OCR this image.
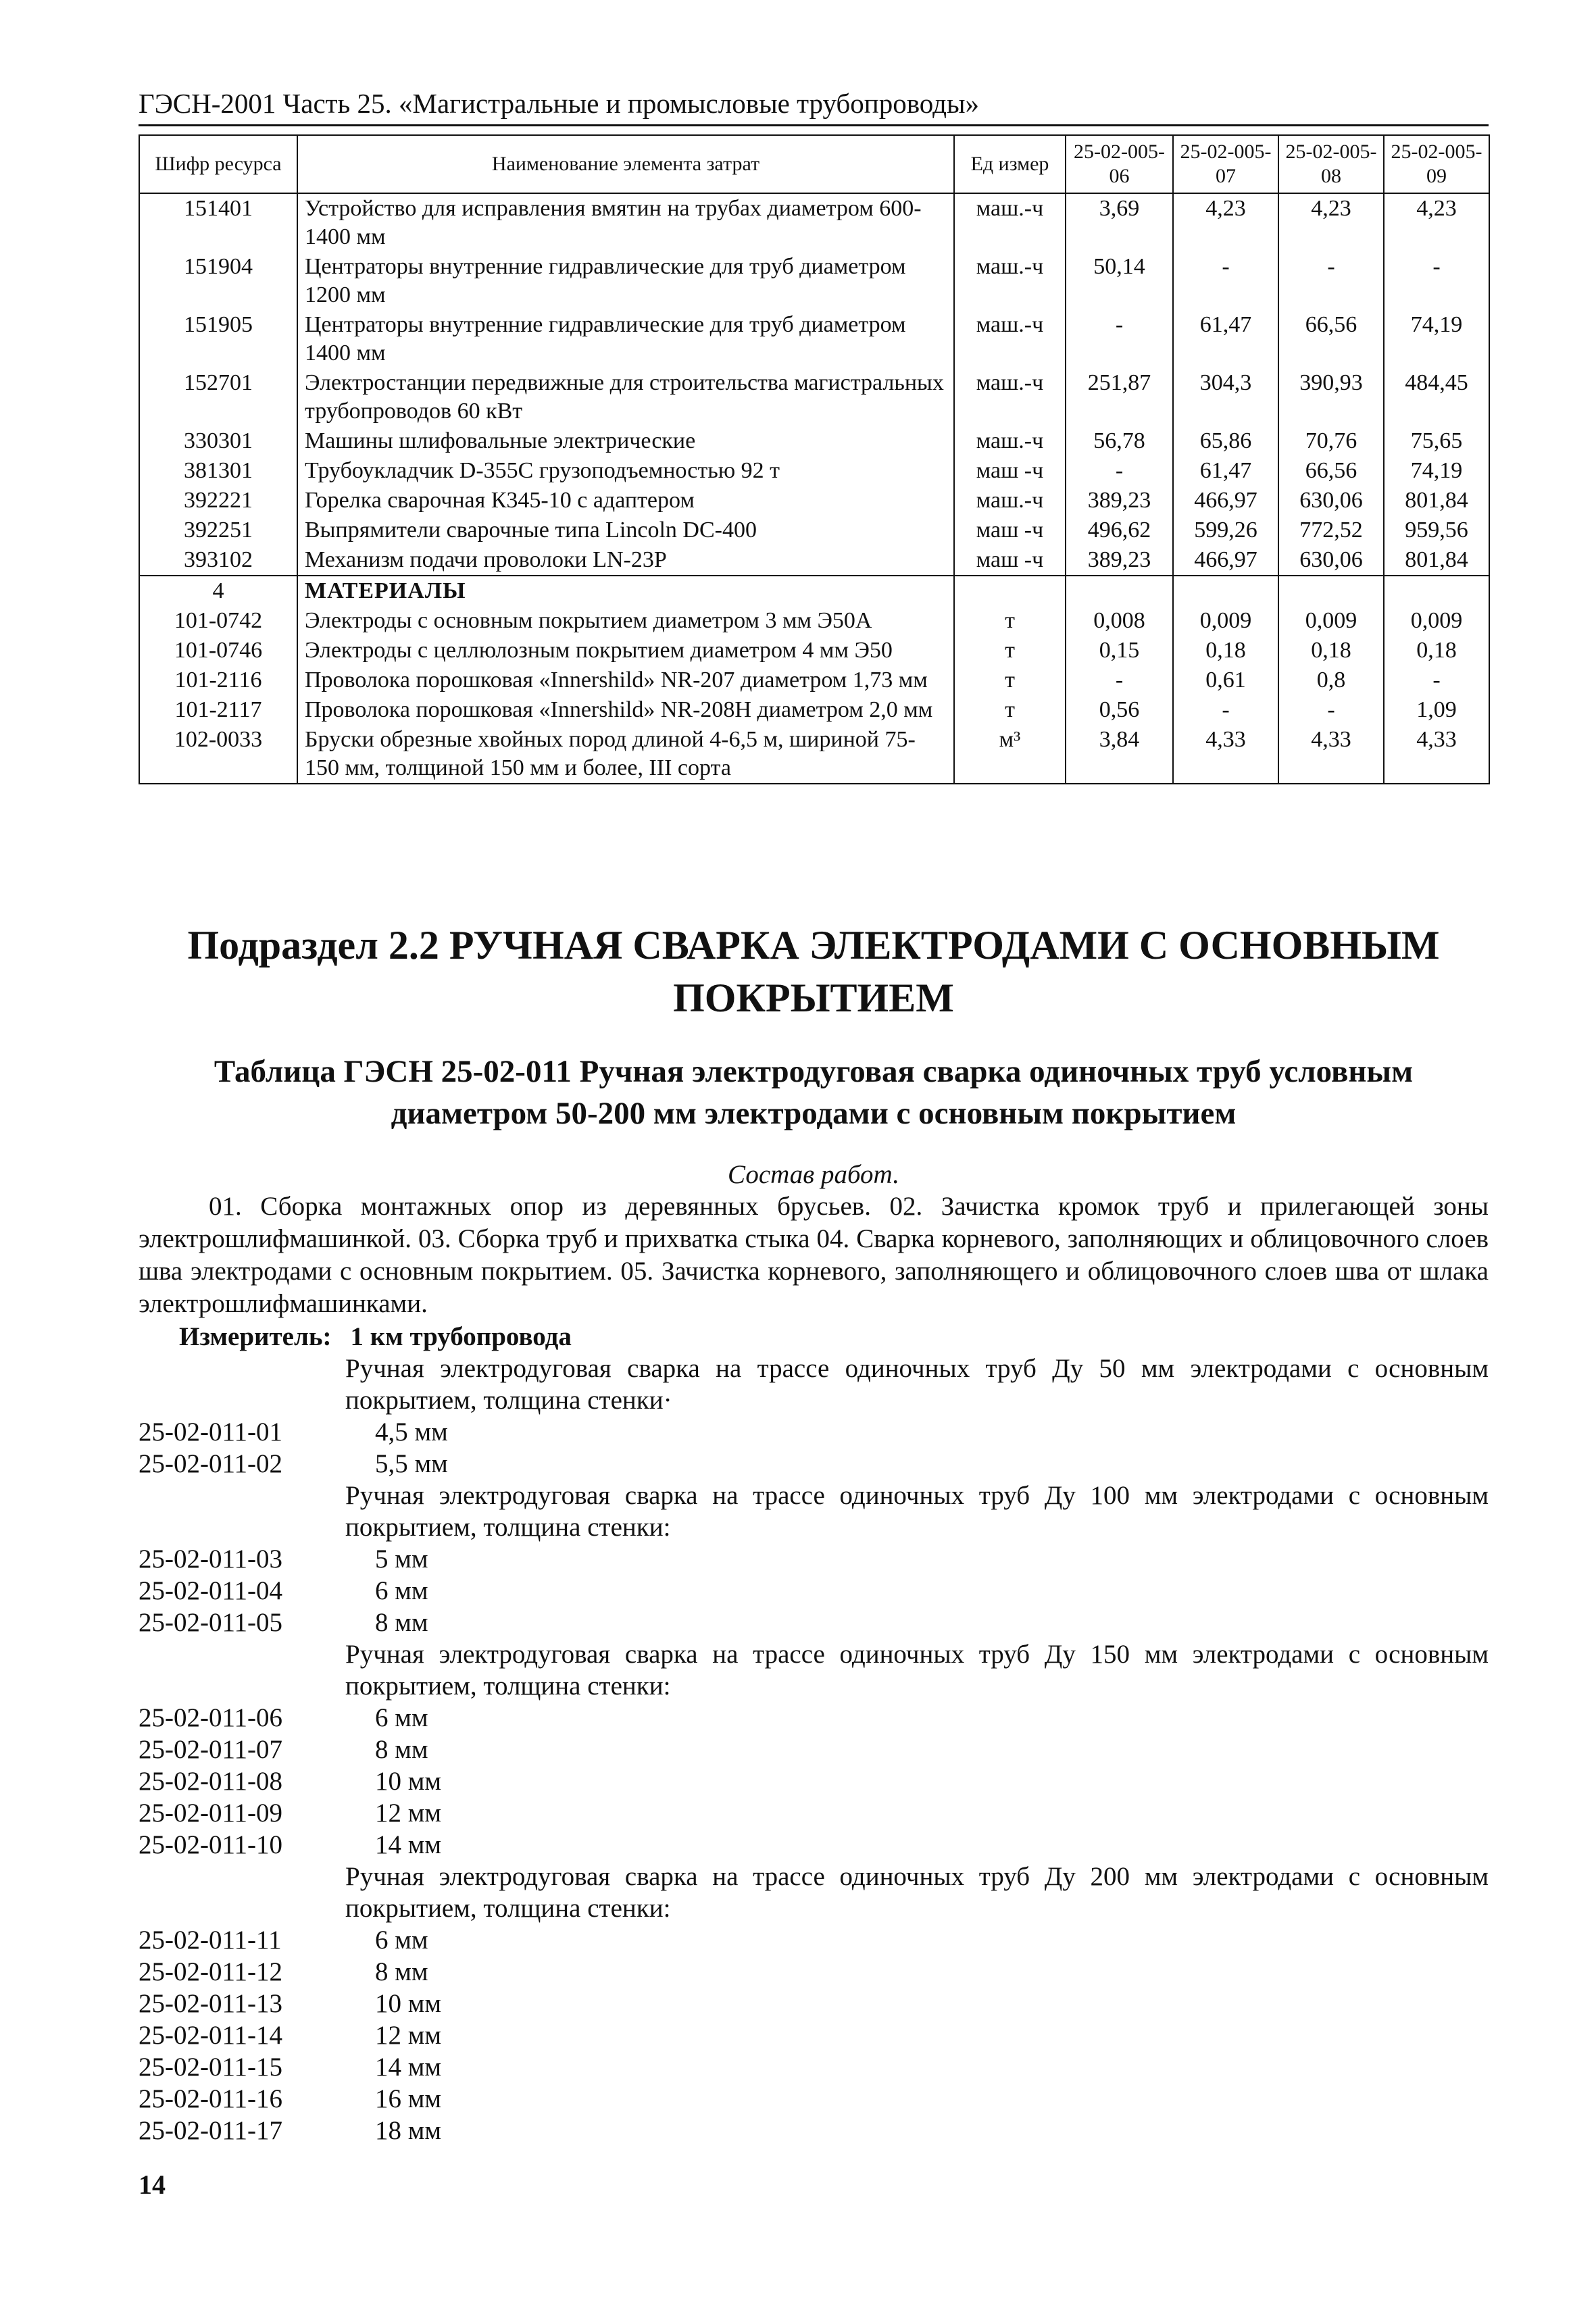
ГЭСН-2001 Часть 25. «Магистральные и промысловые трубопроводы»
Шифр ресурса	Наименование элемента затрат	Ед измер	25-02-005-06	25-02-005-07	25-02-005-08	25-02-005-09
151401	Устройство для исправления вмятин на трубах диаметром 600-1400 мм	маш.-ч	3,69	4,23	4,23	4,23
151904	Центраторы внутренние гидравлические для труб диаметром 1200 мм	маш.-ч	50,14	-	-	-
151905	Центраторы внутренние гидравлические для труб диаметром 1400 мм	маш.-ч	-	61,47	66,56	74,19
152701	Электростанции передвижные для строительства магистральных трубопроводов 60 кВт	маш.-ч	251,87	304,3	390,93	484,45
330301	Машины шлифовальные электрические	маш.-ч	56,78	65,86	70,76	75,65
381301	Трубоукладчик D-355C грузоподъемностью 92 т	маш -ч	-	61,47	66,56	74,19
392221	Горелка сварочная К345-10 с адаптером	маш.-ч	389,23	466,97	630,06	801,84
392251	Выпрямители сварочные типа Lincoln DC-400	маш -ч	496,62	599,26	772,52	959,56
393102	Механизм подачи проволоки LN-23P	маш -ч	389,23	466,97	630,06	801,84
4	МАТЕРИАЛЫ					
101-0742	Электроды с основным покрытием диаметром 3 мм Э50А	т	0,008	0,009	0,009	0,009
101-0746	Электроды с целлюлозным покрытием диаметром 4 мм Э50	т	0,15	0,18	0,18	0,18
101-2116	Проволока порошковая «Innershild» NR-207 диаметром 1,73 мм	т	-	0,61	0,8	-
101-2117	Проволока порошковая «Innershild» NR-208H диаметром 2,0 мм	т	0,56	-	-	1,09
102-0033	Бруски обрезные хвойных пород длиной 4-6,5 м, шириной 75-150 мм, толщиной 150 мм и более, III сорта	м³	3,84	4,33	4,33	4,33
Подраздел 2.2 РУЧНАЯ СВАРКА ЭЛЕКТРОДАМИ С ОСНОВНЫМ ПОКРЫТИЕМ
Таблица ГЭСН 25-02-011 Ручная электродуговая сварка одиночных труб условным диаметром 50-200 мм электродами с основным покрытием
Состав работ.
01. Сборка монтажных опор из деревянных брусьев. 02. Зачистка кромок труб и прилегающей зоны электрошлифмашинкой. 03. Сборка труб и прихватка стыка 04. Сварка корневого, заполняющих и облицовочного слоев шва электродами с основным покрытием. 05. Зачистка корневого, заполняющего и облицовочного слоев шва от шлака электрошлифмашинками.
Измеритель: 1 км трубопровода
Ручная электродуговая сварка на трассе одиночных труб Ду 50 мм электродами с основным покрытием, толщина стенки·
25-02-011-01	4,5 мм
25-02-011-02	5,5 мм
Ручная электродуговая сварка на трассе одиночных труб Ду 100 мм электродами с основным покрытием, толщина стенки:
25-02-011-03	5 мм
25-02-011-04	6 мм
25-02-011-05	8 мм
Ручная электродуговая сварка на трассе одиночных труб Ду 150 мм электродами с основным покрытием, толщина стенки:
25-02-011-06	6 мм
25-02-011-07	8 мм
25-02-011-08	10 мм
25-02-011-09	12 мм
25-02-011-10	14 мм
Ручная электродуговая сварка на трассе одиночных труб Ду 200 мм электродами с основным покрытием, толщина стенки:
25-02-011-11	6 мм
25-02-011-12	8 мм
25-02-011-13	10 мм
25-02-011-14	12 мм
25-02-011-15	14 мм
25-02-011-16	16 мм
25-02-011-17	18 мм
14
